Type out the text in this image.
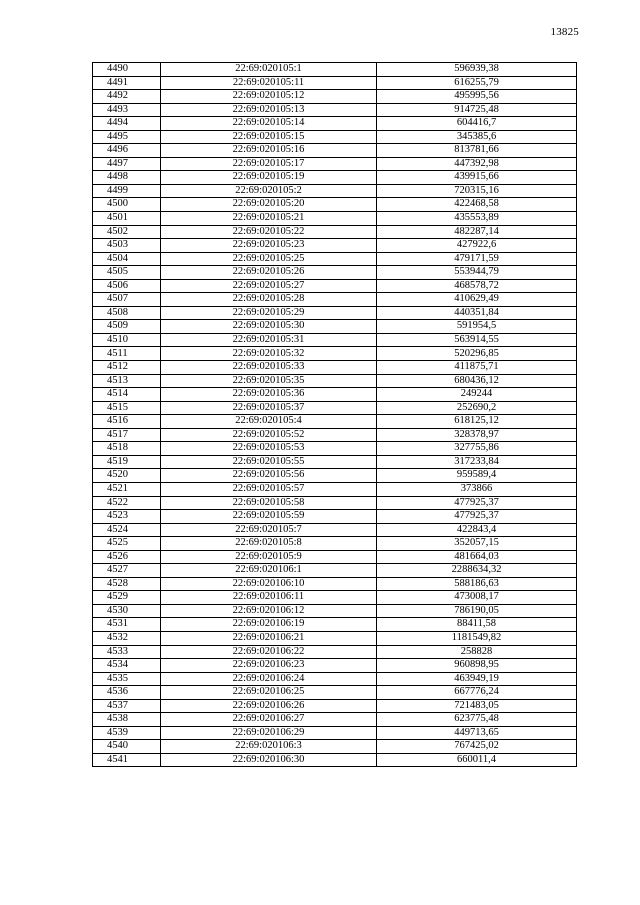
13825
4490	22:69:020105:1	596939,38
4491	22:69:020105:11	616255,79
4492	22:69:020105:12	495995,56
4493	22:69:020105:13	914725,48
4494	22:69:020105:14	604416,7
4495	22:69:020105:15	345385,6
4496	22:69:020105:16	813781,66
4497	22:69:020105:17	447392,98
4498	22:69:020105:19	439915,66
4499	22:69:020105:2	720315,16
4500	22:69:020105:20	422468,58
4501	22:69:020105:21	435553,89
4502	22:69:020105:22	482287,14
4503	22:69:020105:23	427922,6
4504	22:69:020105:25	479171,59
4505	22:69:020105:26	553944,79
4506	22:69:020105:27	468578,72
4507	22:69:020105:28	410629,49
4508	22:69:020105:29	440351,84
4509	22:69:020105:30	591954,5
4510	22:69:020105:31	563914,55
4511	22:69:020105:32	520296,85
4512	22:69:020105:33	411875,71
4513	22:69:020105:35	680436,12
4514	22:69:020105:36	249244
4515	22:69:020105:37	252690,2
4516	22:69:020105:4	618125,12
4517	22:69:020105:52	328378,97
4518	22:69:020105:53	327755,86
4519	22:69:020105:55	317233,84
4520	22:69:020105:56	959589,4
4521	22:69:020105:57	373866
4522	22:69:020105:58	477925,37
4523	22:69:020105:59	477925,37
4524	22:69:020105:7	422843,4
4525	22:69:020105:8	352057,15
4526	22:69:020105:9	481664,03
4527	22:69:020106:1	2288634,32
4528	22:69:020106:10	588186,63
4529	22:69:020106:11	473008,17
4530	22:69:020106:12	786190,05
4531	22:69:020106:19	88411,58
4532	22:69:020106:21	1181549,82
4533	22:69:020106:22	258828
4534	22:69:020106:23	960898,95
4535	22:69:020106:24	463949,19
4536	22:69:020106:25	667776,24
4537	22:69:020106:26	721483,05
4538	22:69:020106:27	623775,48
4539	22:69:020106:29	449713,65
4540	22:69:020106:3	767425,02
4541	22:69:020106:30	660011,4
